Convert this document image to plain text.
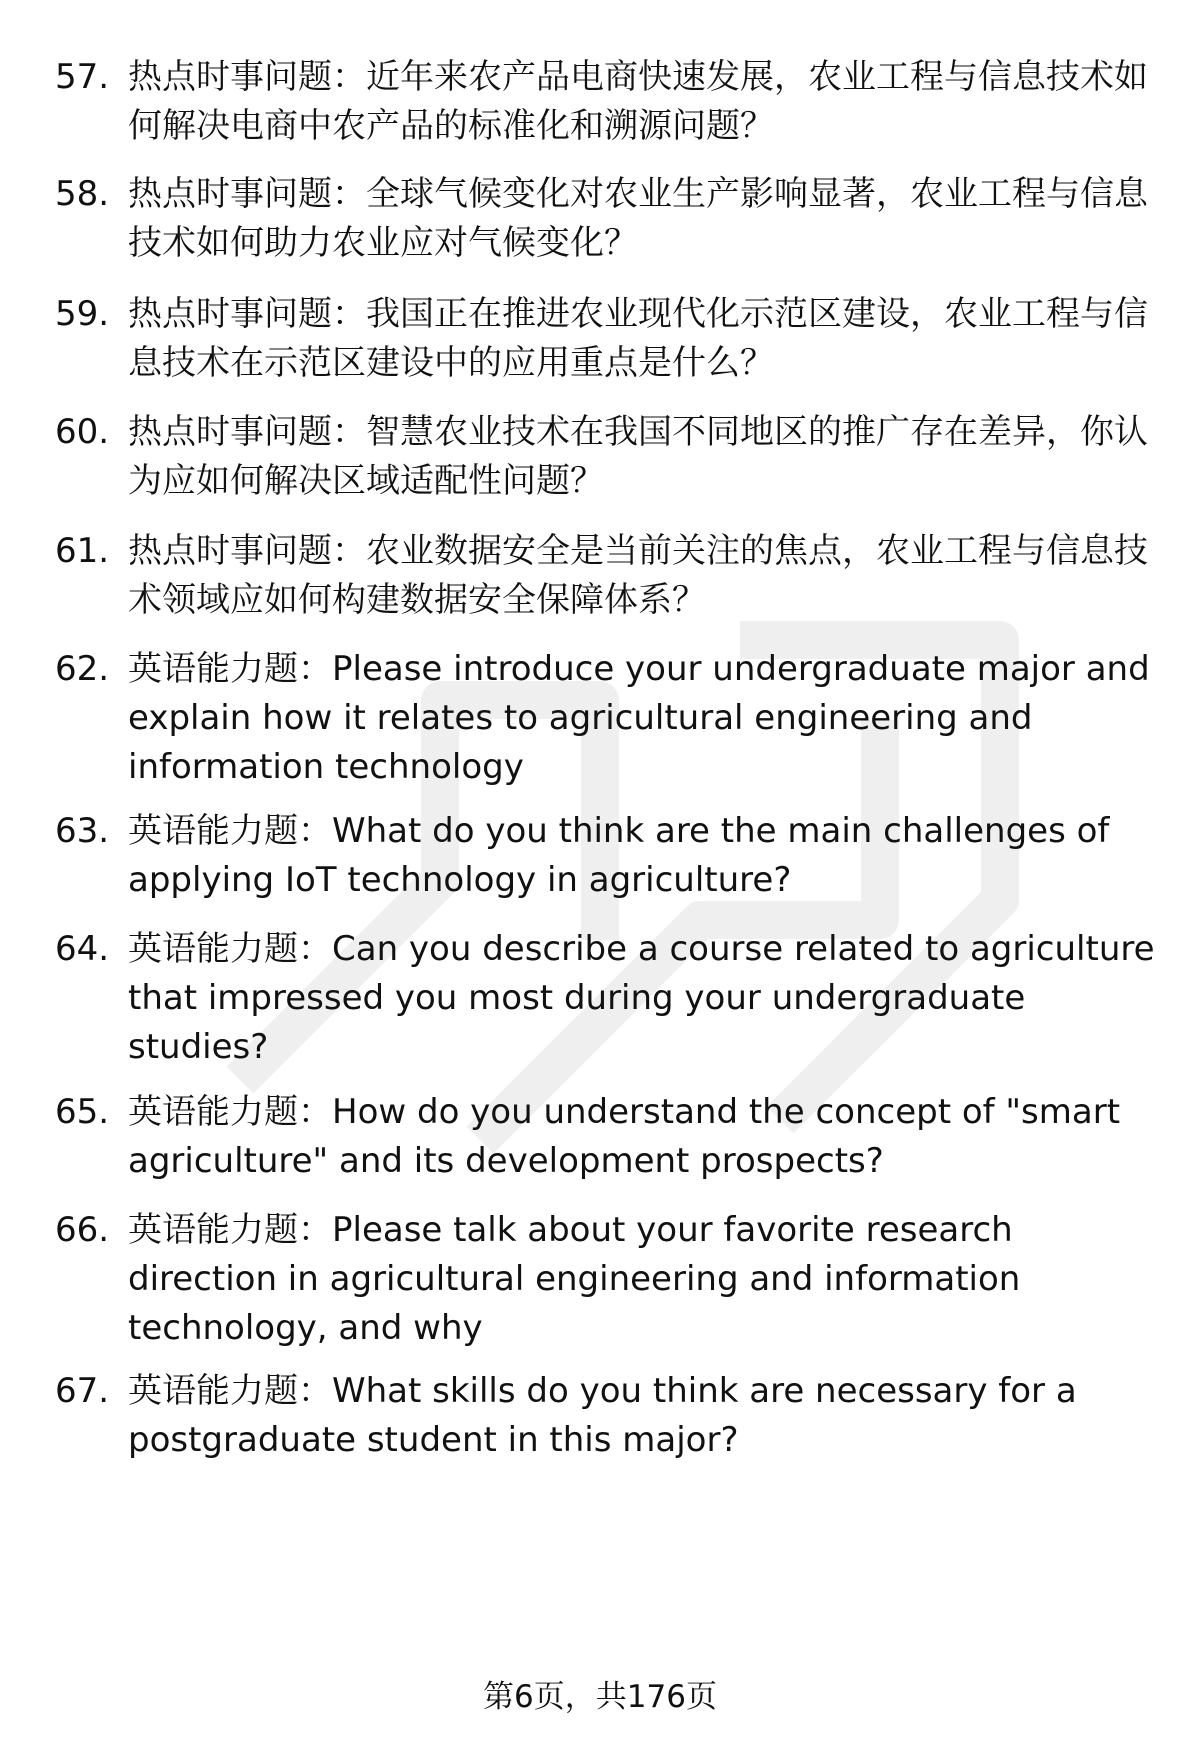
57. 热点时事问题：近年来农产品电商快速发展，农业工程与信息技术如何解决电商中农产品的标准化和溯源问题？
58. 热点时事问题：全球气候变化对农业生产影响显著，农业工程与信息技术如何助力农业应对气候变化？
59. 热点时事问题：我国正在推进农业现代化示范区建设，农业工程与信息技术在示范区建设中的应用重点是什么？
60. 热点时事问题：智慧农业技术在我国不同地区的推广存在差异，你认为应如何解决区域适配性问题？
61. 热点时事问题：农业数据安全是当前关注的焦点，农业工程与信息技术领域应如何构建数据安全保障体系？
62. 英语能力题：Please introduce your undergraduate major and explain how it relates to agricultural engineering and information technology
63. 英语能力题：What do you think are the main challenges of applying IoT technology in agriculture?
64. 英语能力题：Can you describe a course related to agriculture that impressed you most during your undergraduate studies?
65. 英语能力题：How do you understand the concept of "smart agriculture" and its development prospects?
66. 英语能力题：Please talk about your favorite research direction in agricultural engineering and information technology, and why
67. 英语能力题：What skills do you think are necessary for a postgraduate student in this major?
第6页，共176页
